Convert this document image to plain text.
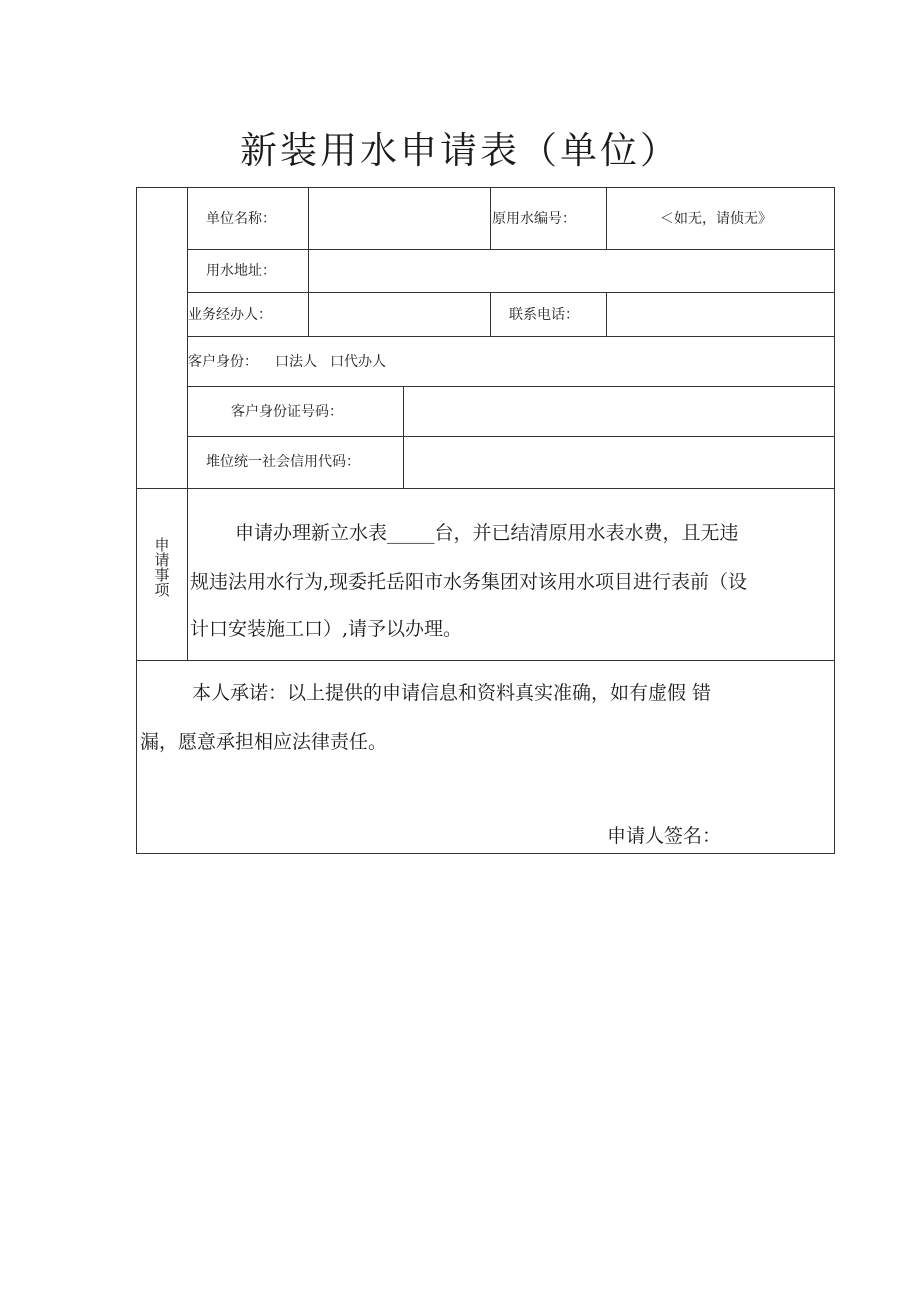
新装用水申请表（单位）
单位名称：	原用水编号：	＜如无，请侦无》
用水地址：
业务经办人：	联系电话：
客户身份： 口法人 口代办人
客户身份证号码：
堆位统一社会信用代码：
申
请
事
项
申请办理新立水表_____台，并已结清原用水表水费，且无违
规违法用水行为,现委托岳阳市水务集团对该用水项目进行表前（设
计口安装施工口）,请予以办理。
本人承诺：以上提供的申请信息和资料真实准确，如有虚假 错
漏，愿意承担相应法律责任。
申请人签名：
